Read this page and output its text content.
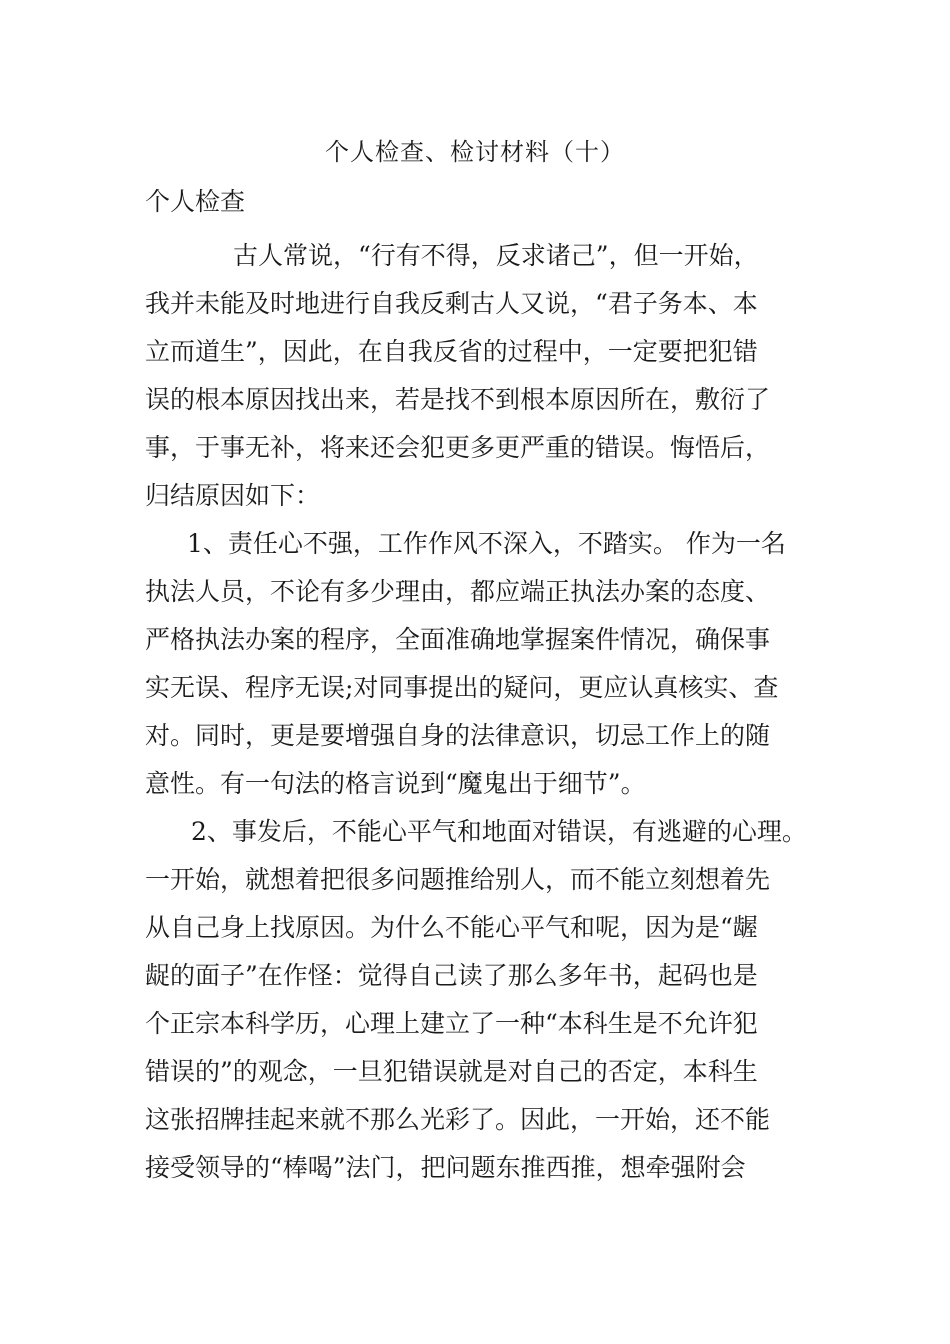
个人检查、检讨材料（十）
个人检查
古人常说，“行有不得，反求诸己”，但一开始，
我并未能及时地进行自我反剩古人又说，“君子务本、本
立而道生”，因此，在自我反省的过程中，一定要把犯错
误的根本原因找出来，若是找不到根本原因所在，敷衍了
事，于事无补，将来还会犯更多更严重的错误。悔悟后，
归结原因如下：
1、责任心不强，工作作风不深入，不踏实。 作为一名
执法人员，不论有多少理由，都应端正执法办案的态度、
严格执法办案的程序，全面准确地掌握案件情况，确保事
实无误、程序无误;对同事提出的疑问，更应认真核实、查
对。同时，更是要增强自身的法律意识，切忌工作上的随
意性。有一句法的格言说到“魔鬼出于细节”。
2、事发后，不能心平气和地面对错误，有逃避的心理。
一开始，就想着把很多问题推给别人，而不能立刻想着先
从自己身上找原因。为什么不能心平气和呢，因为是“龌
龊的面子”在作怪：觉得自己读了那么多年书，起码也是
个正宗本科学历，心理上建立了一种“本科生是不允许犯
错误的”的观念，一旦犯错误就是对自己的否定，本科生
这张招牌挂起来就不那么光彩了。因此，一开始，还不能
接受领导的“棒喝”法门，把问题东推西推，想牵强附会
